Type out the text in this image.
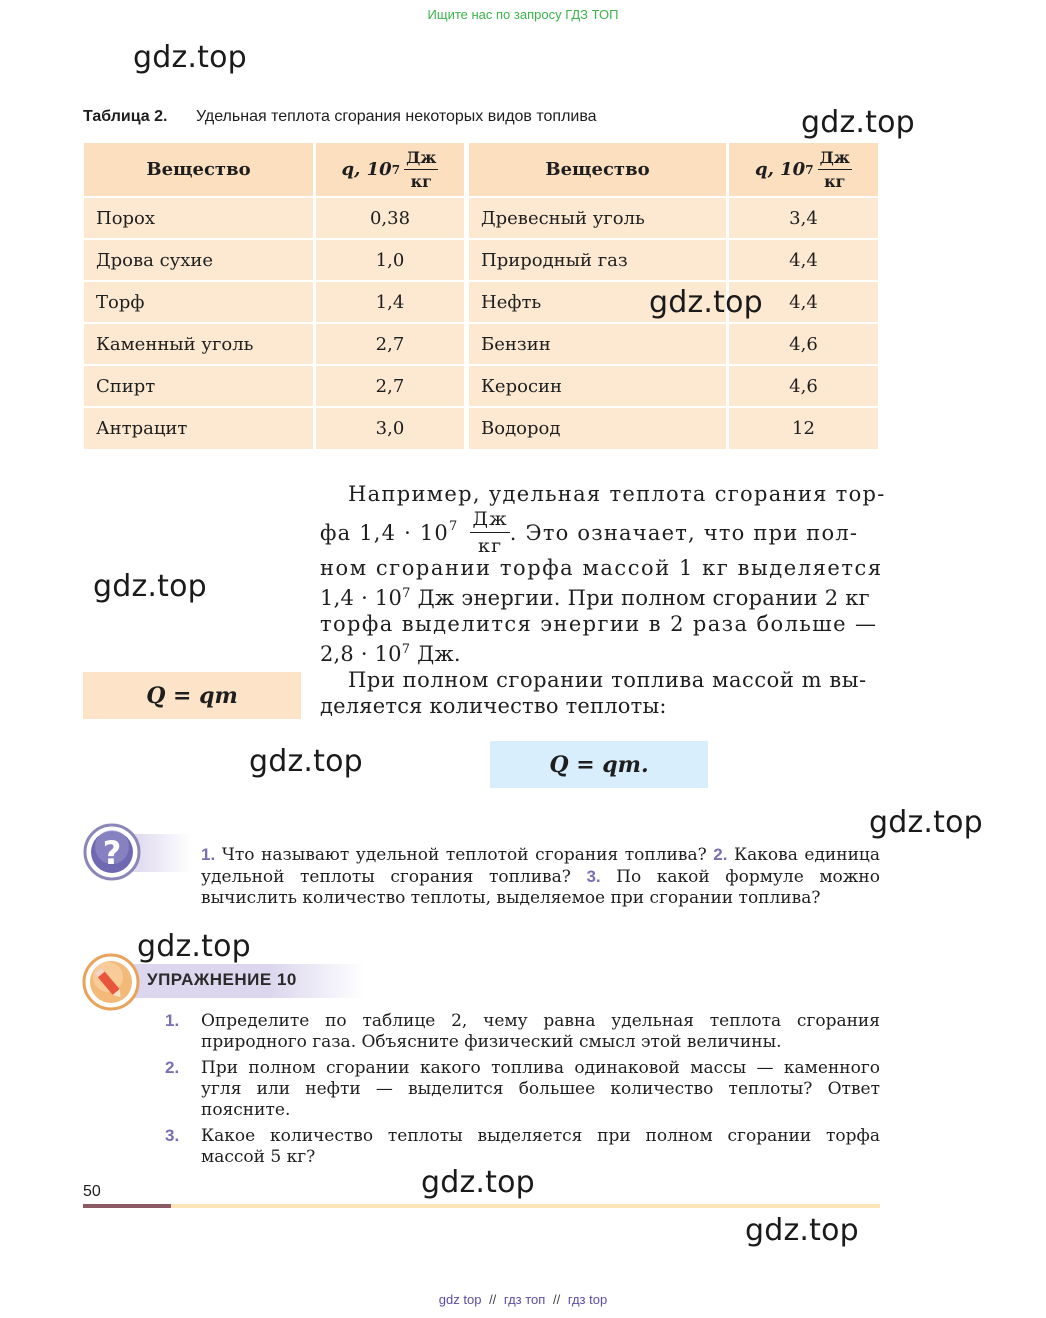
Ищите нас по запросу ГДЗ ТОП
gdz.top
gdz.top
gdz.top
gdz.top
gdz.top
gdz.top
gdz.top
gdz.top
gdz.top
Таблица 2. Удельная теплота сгорания некоторых видов топлива
Вещество	q, 10 $7 \frac{Дж}{кг}$	Вещество	q, 10 $7 \frac{Дж}{кг}$
Порох	0,38	Древесный уголь	3,4
Дрова сухие	1,0	Природный газ	4,4
Торф	1,4	Нефть	4,4
Каменный уголь	2,7	Бензин	4,6
Спирт	2,7	Керосин	4,6
Антрацит	3,0	Водород	12
Например, удельная теплота сгорания тор-
фа $1,4 \cdot 10^7 \frac{Дж}{кг}$ . Это означает, что при пол-
ном сгорании торфа массой 1 кг выделяется
$1,4 \cdot 10^7$ Дж энергии. При полном сгорании 2 кг
торфа выделится энергии в 2 раза больше —
$2,8 \cdot 10^7$ Дж.
При полном сгорании топлива массой m вы-
деляется количество теплоты:
Q = qm
Q = qm.
?	1. Что называют удельной теплотой сгорания топлива? 2. Какова единица удельной теплоты сгорания топлива? 3. По какой формуле можно вычислить количество теплоты, выделяемое при сгорании топлива?
УПРАЖНЕНИЕ 10
1.	Определите по таблице 2, чему равна удельная теплота сгорания природного газа. Объясните физический смысл этой величины.
2.	При полном сгорании какого топлива одинаковой массы — каменного угля или нефти — выделится большее количество теплоты? Ответ поясните.
3.	Какое количество теплоты выделяется при полном сгорании торфа массой 5 кг?
50
gdz top // гдз топ // гдз top
